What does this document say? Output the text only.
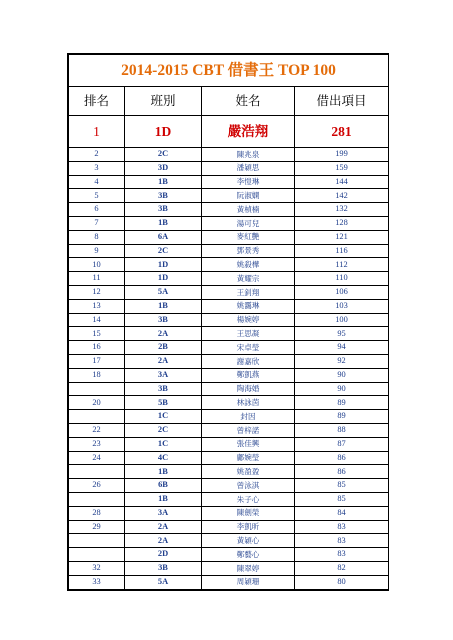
2014-2015 CBT 借書王 TOP 100			
排名	班別	姓名	借出項目
1	1D	嚴浩翔	281
2	2C	陳兆泉	199
3	3D	潘穎思	159
4	1B	李愷琳	144
5	3B	阮淑嫻	142
6	3B	黃楨楠	132
7	1B	湯可兒	128
8	6A	麥紅艷	121
9	2C	鄧景秀	116
10	1D	姚殺樺	112
11	1D	黃耀宗	110
12	5A	王釗翔	106
13	1B	姚靄琳	103
14	3B	楊婉婷	100
15	2A	王思凝	95
16	2B	宋卓瑩	94
17	2A	謝嘉欣	92
18	3A	鄭凱燕	90
	3B	陶海婚	90
20	5B	林詠茵	89
	1C	封因	89
22	2C	曾梓諾	88
23	1C	張佳興	87
24	4C	鄺婉瑩	86
	1B	姚盈盈	86
26	6B	曾泳淇	85
	1B	朱子心	85
28	3A	陳劍榮	84
29	2A	李凱昕	83
	2A	黃穎心	83
	2D	鄭藝心	83
32	3B	陳翠婷	82
33	5A	周穎珊	80
